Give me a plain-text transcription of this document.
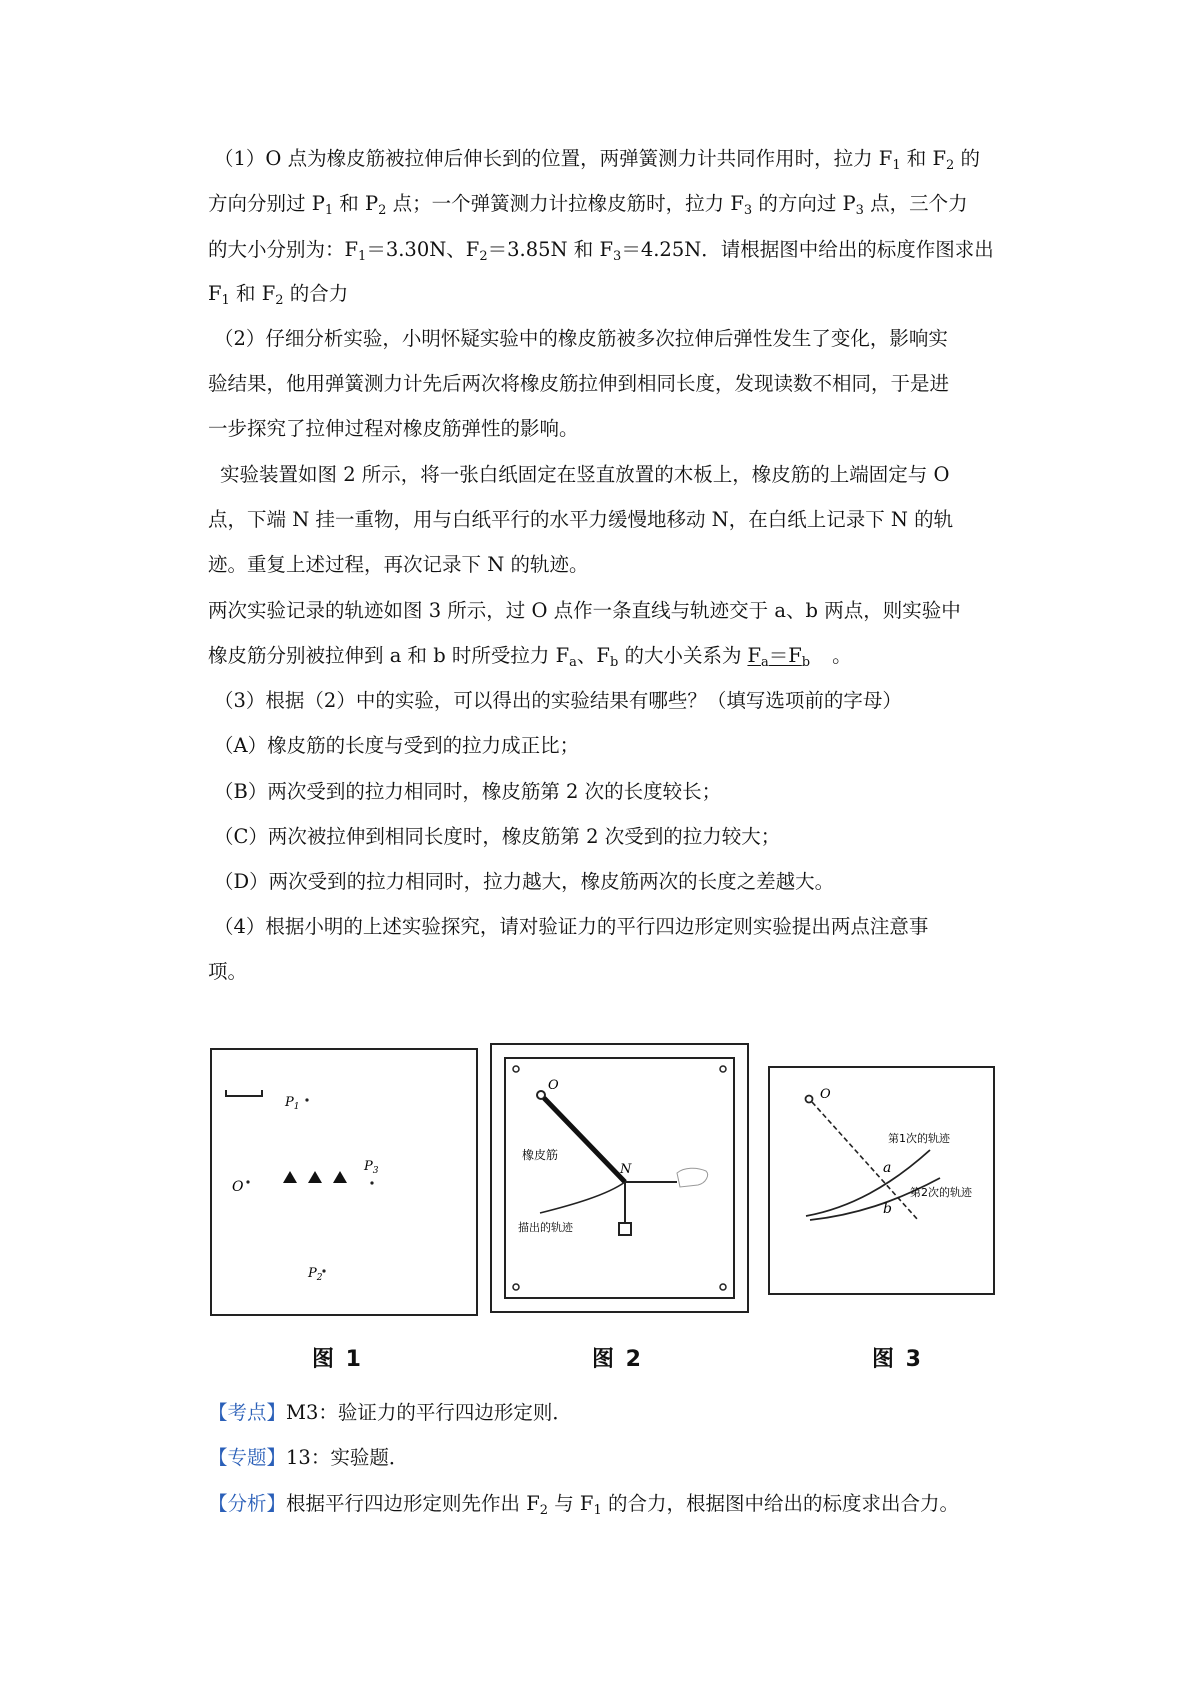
（1）O 点为橡皮筋被拉伸后伸长到的位置，两弹簧测力计共同作用时，拉力 $F_1$ 和 $F_2$ 的
方向分别过 $P_1$ 和 $P_2$ 点；一个弹簧测力计拉橡皮筋时，拉力 $F_3$ 的方向过 $P_3$ 点，三个力
的大小分别为：$F_1=3.30N$、$F_2=3.85N$ 和 $F_3=4.25N$．请根据图中给出的标度作图求出
$F_1$ 和 $F_2$ 的合力
（2）仔细分析实验，小明怀疑实验中的橡皮筋被多次拉伸后弹性发生了变化，影响实
验结果，他用弹簧测力计先后两次将橡皮筋拉伸到相同长度，发现读数不相同，于是进
一步探究了拉伸过程对橡皮筋弹性的影响。
实验装置如图 2 所示，将一张白纸固定在竖直放置的木板上，橡皮筋的上端固定与 O
点，下端 N 挂一重物，用与白纸平行的水平力缓慢地移动 N，在白纸上记录下 N 的轨
迹。重复上述过程，再次记录下 N 的轨迹。
两次实验记录的轨迹如图 3 所示，过 O 点作一条直线与轨迹交于 a、b 两点，则实验中
橡皮筋分别被拉伸到 a 和 b 时所受拉力 $F_a$、$F_b$ 的大小关系为 $F_a=F_b$ 。
（3）根据（2）中的实验，可以得出的实验结果有哪些？（填写选项前的字母）
（A）橡皮筋的长度与受到的拉力成正比；
（B）两次受到的拉力相同时，橡皮筋第 2 次的长度较长；
（C）两次被拉伸到相同长度时，橡皮筋第 2 次受到的拉力较大；
（D）两次受到的拉力相同时，拉力越大，橡皮筋两次的长度之差越大。
（4）根据小明的上述实验探究，请对验证力的平行四边形定则实验提出两点注意事
项。
$P_1$
O
$P_3$
$P_2$
图 1
O
N
橡皮筋
描出的轨迹
图 2
O
a
b
第1次的轨迹
第2次的轨迹
图 3
【考点】M3：验证力的平行四边形定则．
【专题】13：实验题．
【分析】根据平行四边形定则先作出 $F_2$ 与 $F_1$ 的合力，根据图中给出的标度求出合力。
